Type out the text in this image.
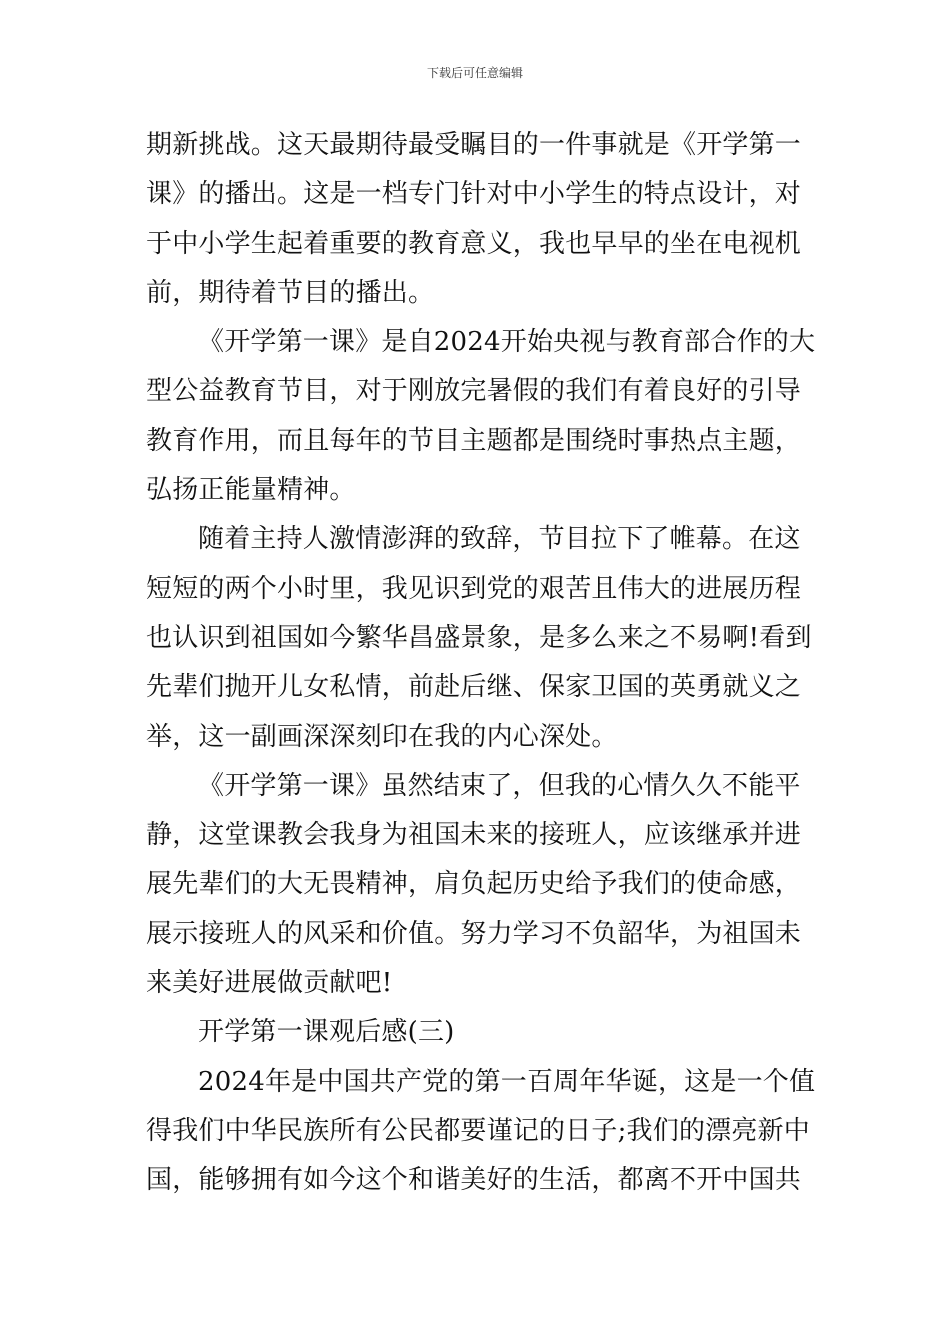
下载后可任意编辑
期新挑战。这天最期待最受瞩目的一件事就是《开学第一
课》的播出。这是一档专门针对中小学生的特点设计，对
于中小学生起着重要的教育意义，我也早早的坐在电视机
前，期待着节目的播出。
《开学第一课》是自2024开始央视与教育部合作的大
型公益教育节目，对于刚放完暑假的我们有着良好的引导
教育作用，而且每年的节目主题都是围绕时事热点主题，
弘扬正能量精神。
随着主持人激情澎湃的致辞，节目拉下了帷幕。在这
短短的两个小时里，我见识到党的艰苦且伟大的进展历程
也认识到祖国如今繁华昌盛景象，是多么来之不易啊!看到
先辈们抛开儿女私情，前赴后继、保家卫国的英勇就义之
举，这一副画深深刻印在我的内心深处。
《开学第一课》虽然结束了，但我的心情久久不能平
静，这堂课教会我身为祖国未来的接班人，应该继承并进
展先辈们的大无畏精神，肩负起历史给予我们的使命感，
展示接班人的风采和价值。努力学习不负韶华，为祖国未
来美好进展做贡献吧!
开学第一课观后感(三)
2024年是中国共产党的第一百周年华诞，这是一个值
得我们中华民族所有公民都要谨记的日子;我们的漂亮新中
国，能够拥有如今这个和谐美好的生活，都离不开中国共
